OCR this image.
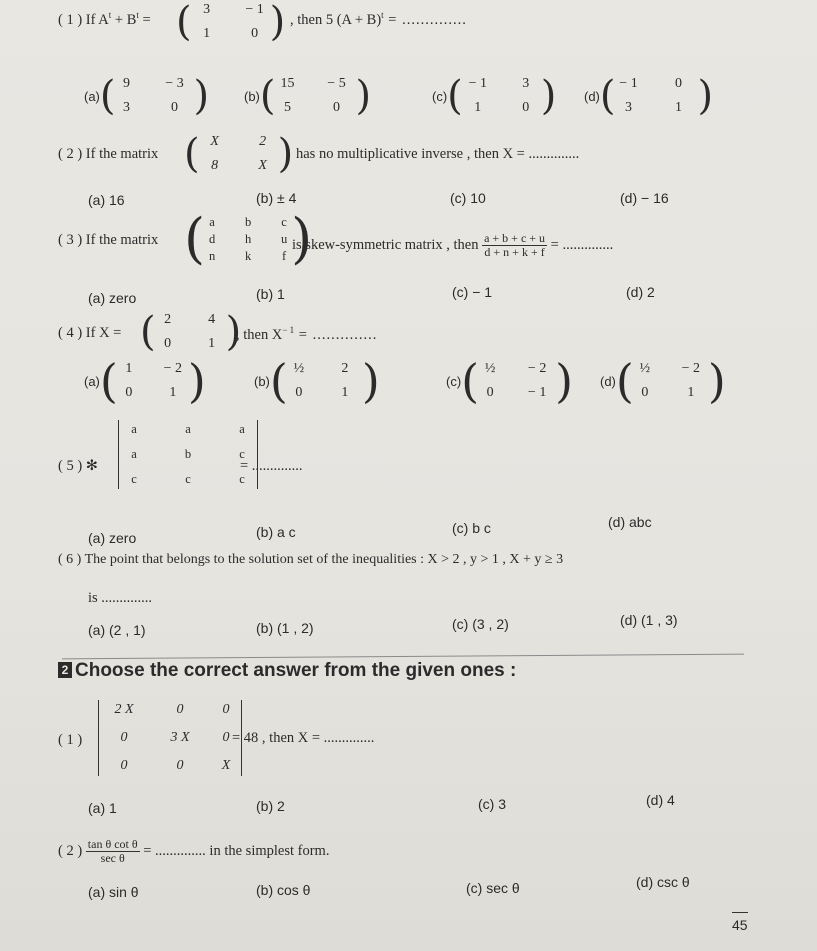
( 1 ) If $A^t + B^t$ = ( 3	− 1
1	0 ) , then 5 $(A + B)^t$ = ..............
(a) ( 9	− 3
3	0 )	(b) ( 15	− 5
5	0 )	(c) ( − 1	3
1	0 ) (d) ( − 1	0
3	1 )
( 2 ) If the matrix ( X	2
8	X ) has no multiplicative inverse , then X = ..............
(a) 16	(b) ± 4	(c) 10	(d) − 16
( 3 ) If the matrix ( a	b	c
d	h	u
n	k	f )
is skew-symmetric matrix , then $\frac{a + b + c + u}{d + n + k + f}$ = ..............
(a) zero	(b) 1	(c) − 1	(d) 2
( 4 ) If X = ( 2	4
0	1 )
, then $X^{- 1}$ = ..............
(a) ( 1	− 2
0	1 )	(b) ( ½	2
0	1 )	(c) ( ½	− 2
0	− 1 ) (d) ( ½	− 2
0	1 )
( 5 ) ✻
a	a	a
a	b	c
c	c	c
= ..............
(a) zero	(b) a c	(c) b c	(d) abc
( 6 ) The point that belongs to the solution set of the inequalities : X > 2 , y > 1 , X + y ≥ 3
is ..............
(a) (2 , 1)	(b) (1 , 2)	(c) (3 , 2)	(d) (1 , 3)
2 Choose the correct answer from the given ones :
( 1 )
2 X	0	0
0	3 X	0
0	0	X
= 48 , then X = ..............
(a) 1	(b) 2	(c) 3	(d) 4
( 2 ) $\frac{\text{tan θ cot θ}}{\text{sec θ}}$ = .............. in the simplest form.
(a) sin θ	(b) cos θ	(c) sec θ	(d) csc θ
45
